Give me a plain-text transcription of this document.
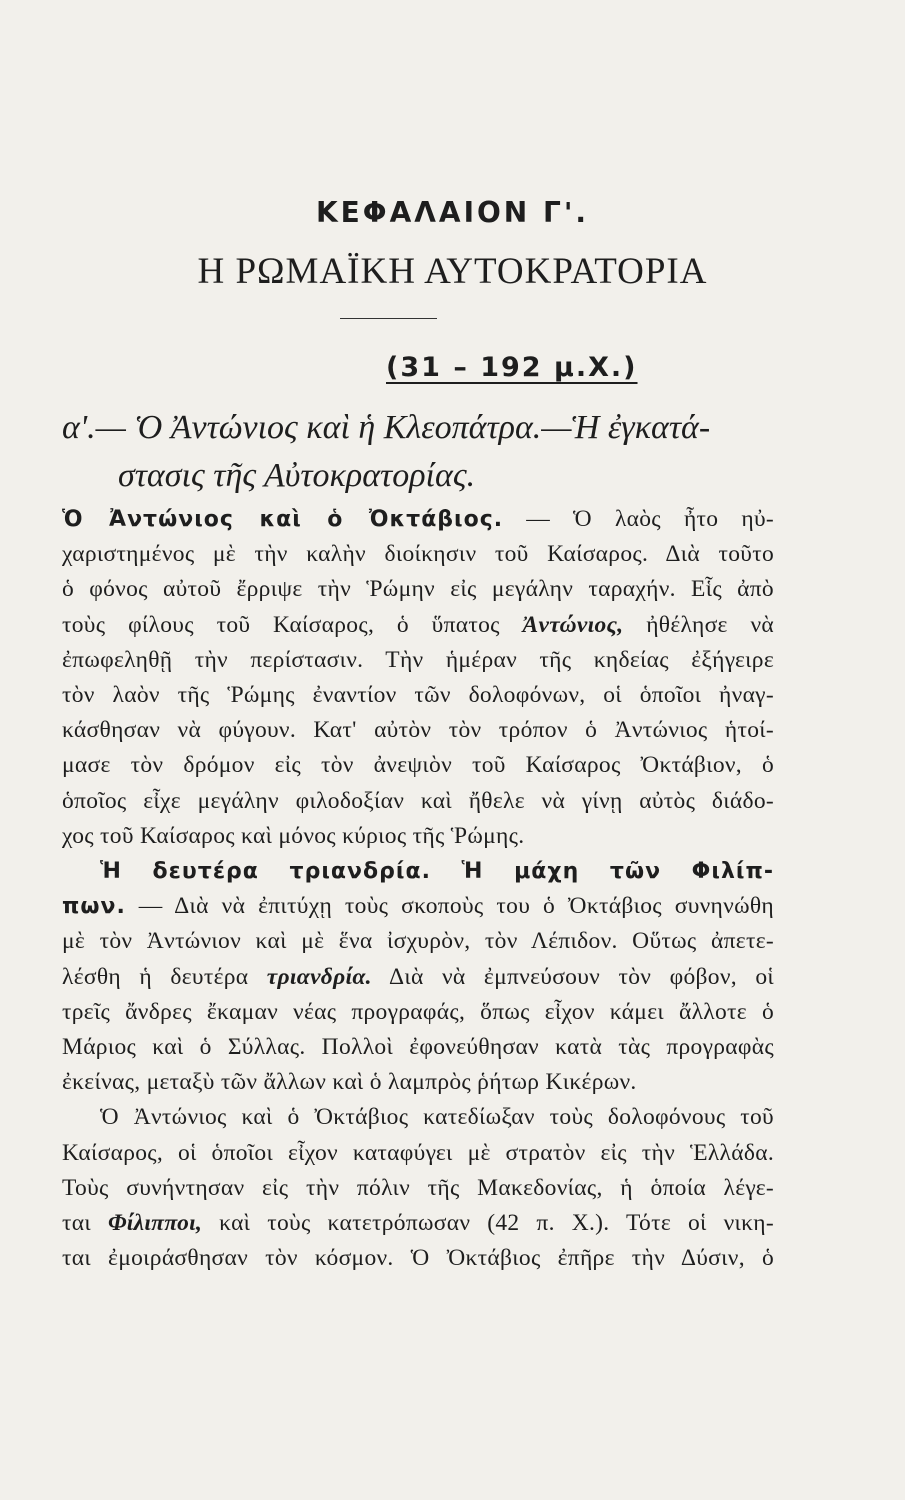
ΚΕΦΑΛΑΙΟΝ Γ'.
Η ΡΩΜΑΪΚΗ ΑΥΤΟΚΡΑΤΟΡΙΑ
(31 – 192 μ.Χ.)
α'.— Ὁ Ἀντώνιος καὶ ἡ Κλεοπάτρα.—Ἡ ἐγκατά-
στασις τῆς Αὐτοκρατορίας.
Ὁ Ἀντώνιος καὶ ὁ Ὀκτάβιος. — Ὁ λαὸς ἦτο ηὐ-
χαριστημένος μὲ τὴν καλὴν διοίκησιν τοῦ Καίσαρος. Διὰ τοῦτο
ὁ φόνος αὐτοῦ ἔρριψε τὴν Ῥώμην εἰς μεγάλην ταραχήν. Εἷς ἀπὸ
τοὺς φίλους τοῦ Καίσαρος, ὁ ὕπατος Ἀντώνιος, ἠθέλησε νὰ
ἐπωφεληθῇ τὴν περίστασιν. Τὴν ἡμέραν τῆς κηδείας ἐξήγειρε
τὸν λαὸν τῆς Ῥώμης ἐναντίον τῶν δολοφόνων, οἱ ὁποῖοι ἠναγ-
κάσθησαν νὰ φύγουν. Κατ' αὐτὸν τὸν τρόπον ὁ Ἀντώνιος ἡτοί-
μασε τὸν δρόμον εἰς τὸν ἀνεψιὸν τοῦ Καίσαρος Ὀκτάβιον, ὁ
ὁποῖος εἶχε μεγάλην φιλοδοξίαν καὶ ἤθελε νὰ γίνῃ αὐτὸς διάδο-
χος τοῦ Καίσαρος καὶ μόνος κύριος τῆς Ῥώμης.
Ἡ δευτέρα τριανδρία. Ἡ μάχη τῶν Φιλίπ-
πων. — Διὰ νὰ ἐπιτύχῃ τοὺς σκοποὺς του ὁ Ὀκτάβιος συνηνώθη
μὲ τὸν Ἀντώνιον καὶ μὲ ἕνα ἰσχυρὸν, τὸν Λέπιδον. Οὕτως ἀπετε-
λέσθη ἡ δευτέρα τριανδρία. Διὰ νὰ ἐμπνεύσουν τὸν φόβον, οἱ
τρεῖς ἄνδρες ἔκαμαν νέας προγραφάς, ὅπως εἶχον κάμει ἄλλοτε ὁ
Μάριος καὶ ὁ Σύλλας. Πολλοὶ ἐφονεύθησαν κατὰ τὰς προγραφὰς
ἐκείνας, μεταξὺ τῶν ἄλλων καὶ ὁ λαμπρὸς ῥήτωρ Κικέρων.
Ὁ Ἀντώνιος καὶ ὁ Ὀκτάβιος κατεδίωξαν τοὺς δολοφόνους τοῦ
Καίσαρος, οἱ ὁποῖοι εἶχον καταφύγει μὲ στρατὸν εἰς τὴν Ἑλλάδα.
Τοὺς συνήντησαν εἰς τὴν πόλιν τῆς Μακεδονίας, ἡ ὁποία λέγε-
ται Φίλιπποι, καὶ τοὺς κατετρόπωσαν (42 π. Χ.). Τότε οἱ νικη-
ται ἐμοιράσθησαν τὸν κόσμον. Ὁ Ὀκτάβιος ἐπῆρε τὴν Δύσιν, ὁ
